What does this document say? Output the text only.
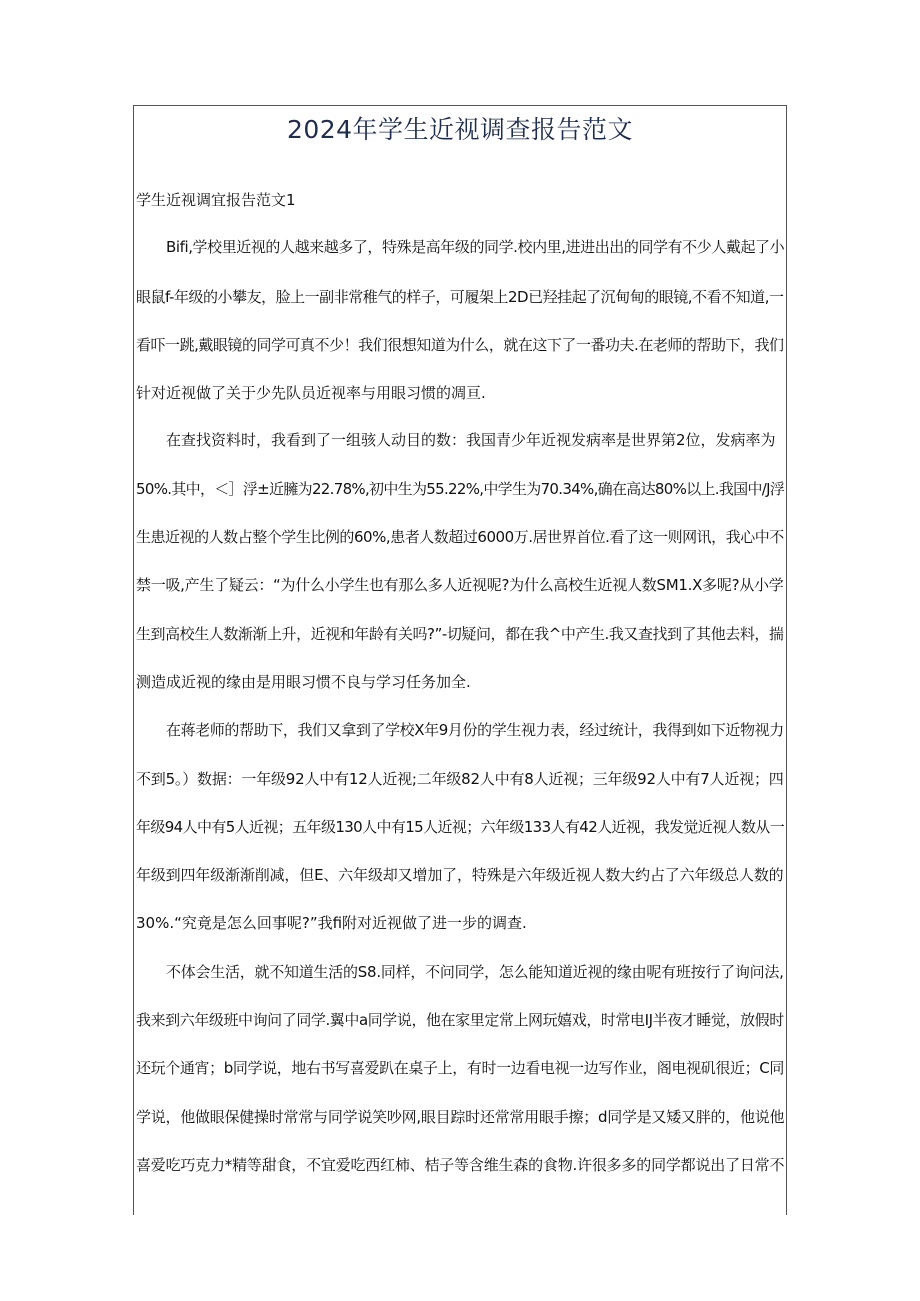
2024年学生近视调查报告范文
学生近视调宜报告范文1
Bifi,学校里近视的人越来越多了，特殊是高年级的同学.校内里,进进出出的同学有不少人戴起了小
眼鼠f-年级的小攀友，脸上一副非常稚气的样子，可履架上2D已羟挂起了沉甸甸的眼镜,不看不知道,一
看吓一跳,戴眼镜的同学可真不少！我们很想知道为什么，就在这下了一番功夫.在老师的帮助下，我们
针对近视做了关于少先队员近视率与用眼习惯的凋亘.
在查找资料时，我看到了一组骇人动目的数：我国青少年近视发病率是世界第2位，发病率为
50%.其中，＜］浮±近臃为22.78%,初中生为55.22%,中学生为70.34%,确在高达80%以上.我国中/J浮
生患近视的人数占整个学生比例的60%,患者人数超过6000万.居世界首位.看了这一则网讯，我心中不
禁一吸,产生了疑云：“为什么小学生也有那么多人近视呢?为什么高校生近视人数SM1.X多呢?从小学
生到高校生人数渐渐上升，近视和年龄有关吗?”-切疑问，都在我^中产生.我又查找到了其他去料，揣
测造成近视的缘由是用眼习惯不良与学习任务加全.
在蒋老师的帮助下，我们又拿到了学校X年9月份的学生视力表，经过统计，我得到如下近物视力
不到5。）数据：一年级92人中有12人近视;二年级82人中有8人近视；三年级92人中有7人近视；四
年级94人中有5人近视；五年级130人中有15人近视；六年级133人有42人近视，我发觉近视人数从一
年级到四年级渐渐削减，但E、六年级却又增加了，特殊是六年级近视人数大约占了六年级总人数的
30%.“究竟是怎么回事呢?”我fi附对近视做了进一步的调查.
不体会生活，就不知道生活的S8.同样，不问同学，怎么能知道近视的缘由呢有班按行了询问法,
我来到六年级班中询问了同学.翼中a同学说，他在家里定常上网玩嬉戏，时常电IJ半夜才睡觉，放假时
还玩个通宵；b同学说，地右书写喜爱趴在桌子上，有时一边看电视一边写作业，阁电视矶很近；C同
学说，他做眼保健操时常常与同学说笑吵网,眼目踪时还常常用眼手擦；d同学是又矮又胖的，他说他
喜爱吃巧克力*精等甜食，不宜爱吃西红柿、桔子等含维生森的食物.许很多多的同学都说出了日常不
